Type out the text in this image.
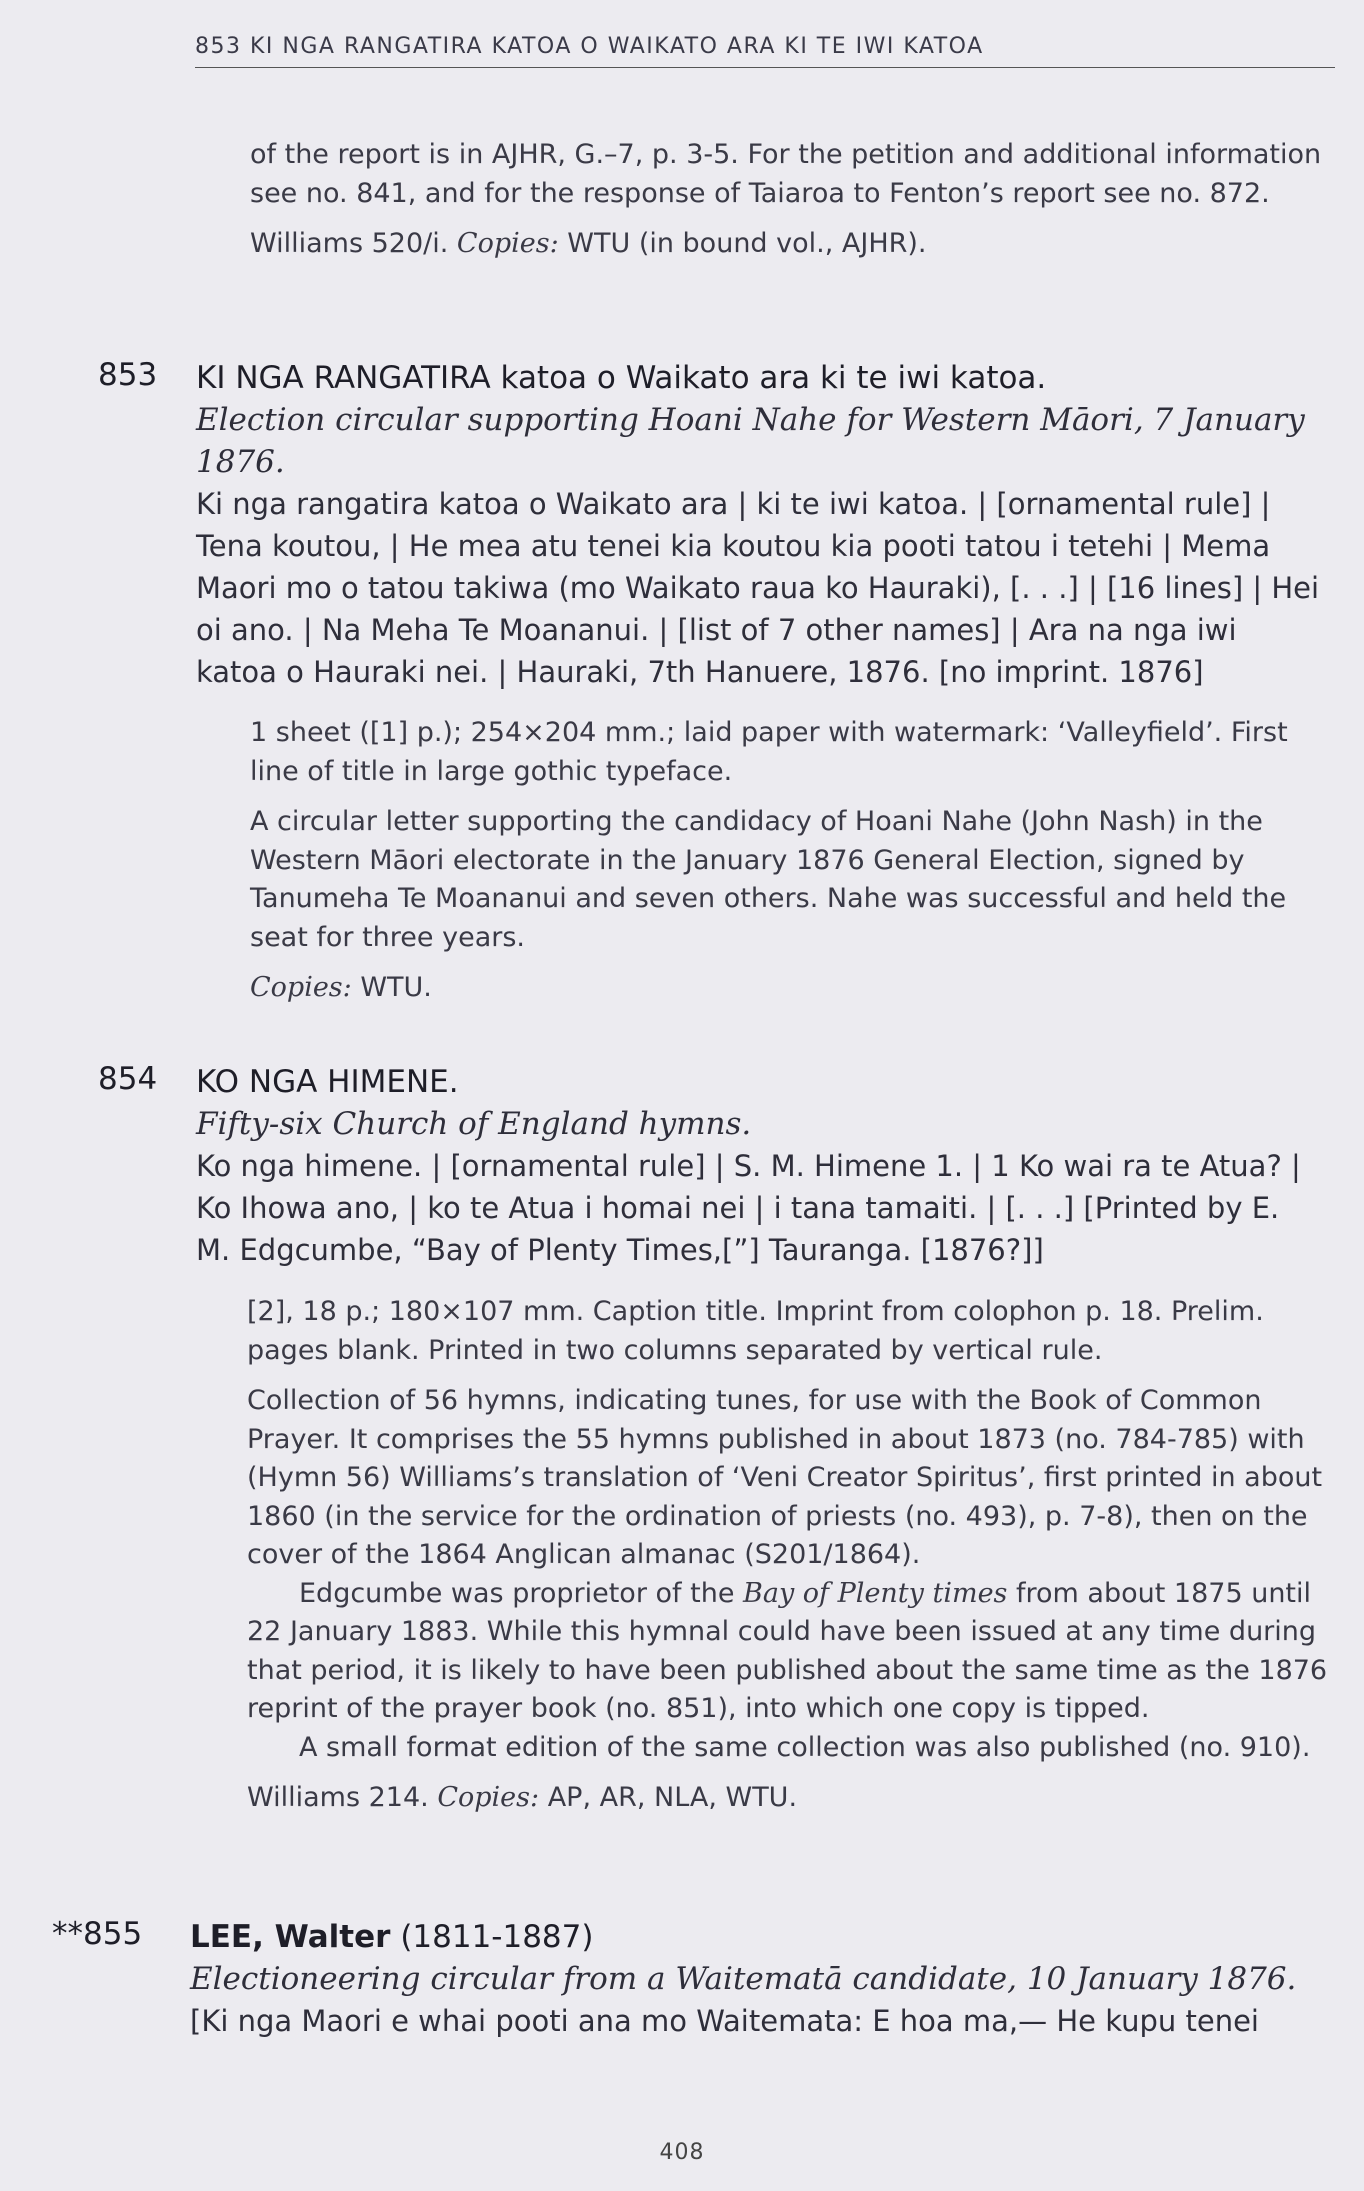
853 KI NGA RANGATIRA KATOA O WAIKATO ARA KI TE IWI KATOA

of the report is in AJHR, G.–7, p. 3-5. For the petition and additional information see no. 841, and for the response of Taiaroa to Fenton’s report see no. 872.

Williams 520/i. Copies: WTU (in bound vol., AJHR).

853 KI NGA RANGATIRA katoa o Waikato ara ki te iwi katoa.

Election circular supporting Hoani Nahe for Western Māori, 7 January 1876.

Ki nga rangatira katoa o Waikato ara | ki te iwi katoa. | [ornamental rule] | Tena koutou, | He mea atu tenei kia koutou kia pooti tatou i tetehi | Mema Maori mo o tatou takiwa (mo Waikato raua ko Hauraki), [. . .] | [16 lines] | Hei oi ano. | Na Meha Te Moananui. | [list of 7 other names] | Ara na nga iwi katoa o Hauraki nei. | Hauraki, 7th Hanuere, 1876. [no imprint. 1876]

1 sheet ([1] p.); 254×204 mm.; laid paper with watermark: ‘Valleyfield’. First line of title in large gothic typeface.

A circular letter supporting the candidacy of Hoani Nahe (John Nash) in the Western Māori electorate in the January 1876 General Election, signed by Tanumeha Te Moananui and seven others. Nahe was successful and held the seat for three years.

Copies: WTU.

854 KO NGA HIMENE.

Fifty-six Church of England hymns.

Ko nga himene. | [ornamental rule] | S. M. Himene 1. | 1 Ko wai ra te Atua? | Ko Ihowa ano, | ko te Atua i homai nei | i tana tamaiti. | [. . .] [Printed by E. M. Edgcumbe, “Bay of Plenty Times,[”] Tauranga. [1876?]]

[2], 18 p.; 180×107 mm. Caption title. Imprint from colophon p. 18. Prelim. pages blank. Printed in two columns separated by vertical rule.

Collection of 56 hymns, indicating tunes, for use with the Book of Common Prayer. It comprises the 55 hymns published in about 1873 (no. 784-785) with (Hymn 56) Williams’s translation of ‘Veni Creator Spiritus’, first printed in about 1860 (in the service for the ordination of priests (no. 493), p. 7-8), then on the cover of the 1864 Anglican almanac (S201/1864).

Edgcumbe was proprietor of the Bay of Plenty times from about 1875 until 22 January 1883. While this hymnal could have been issued at any time during that period, it is likely to have been published about the same time as the 1876 reprint of the prayer book (no. 851), into which one copy is tipped.

A small format edition of the same collection was also published (no. 910).

Williams 214. Copies: AP, AR, NLA, WTU.

**855 LEE, Walter (1811-1887)

Electioneering circular from a Waitematā candidate, 10 January 1876.

[Ki nga Maori e whai pooti ana mo Waitemata: E hoa ma,— He kupu tenei

408
